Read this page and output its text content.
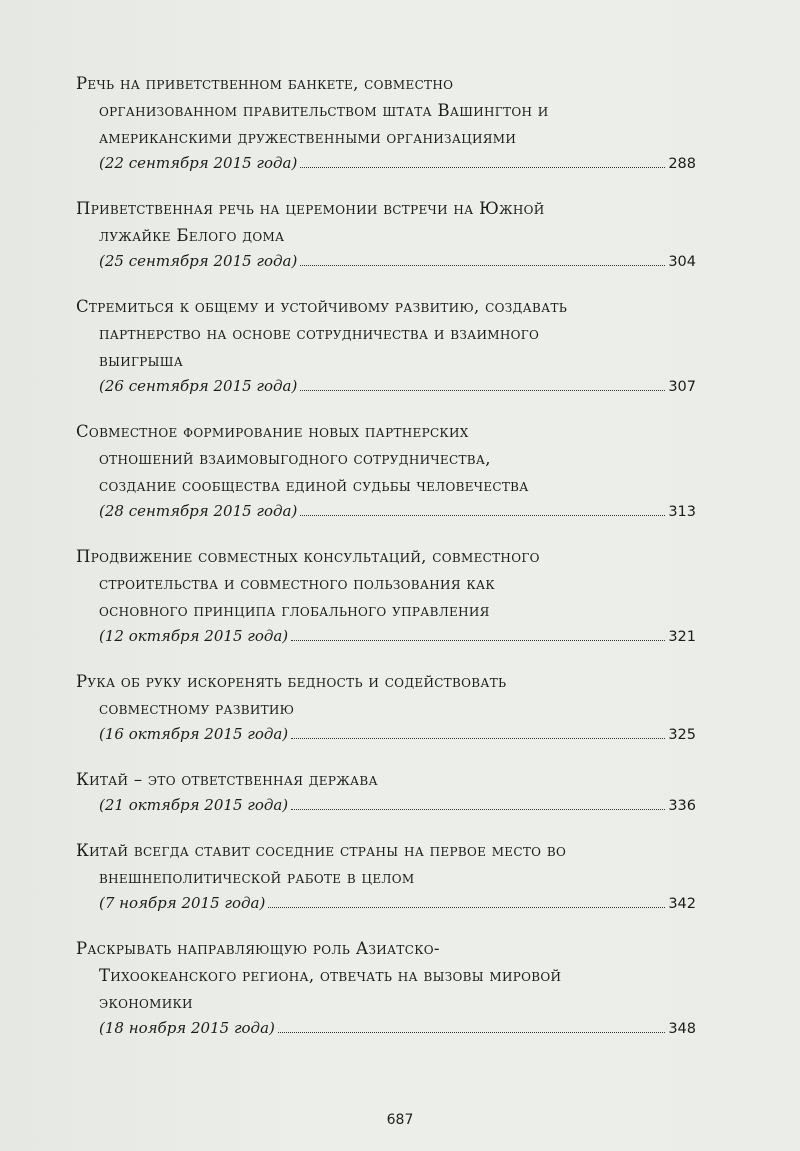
Речь на приветственном банкете, совместно
организованном правительством штата Вашингтон и
американскими дружественными организациями
(22 сентября 2015 года)	288
Приветственная речь на церемонии встречи на Южной
лужайке Белого дома
(25 сентября 2015 года)	304
Стремиться к общему и устойчивому развитию, создавать
партнерство на основе сотрудничества и взаимного
выигрыша
(26 сентября 2015 года)	307
Совместное формирование новых партнерских
отношений взаимовыгодного сотрудничества,
создание сообщества единой судьбы человечества
(28 сентября 2015 года)	313
Продвижение совместных консультаций, совместного
строительства и совместного пользования как
основного принципа глобального управления
(12 октября 2015 года)	321
Рука об руку искоренять бедность и содействовать
совместному развитию
(16 октября 2015 года)	325
Китай – это ответственная держава
(21 октября 2015 года)	336
Китай всегда ставит соседние страны на первое место во
внешнеполитической работе в целом
(7 ноября 2015 года)	342
Раскрывать направляющую роль Азиатско-
Тихоокеанского региона, отвечать на вызовы мировой
экономики
(18 ноября 2015 года)	348
687
